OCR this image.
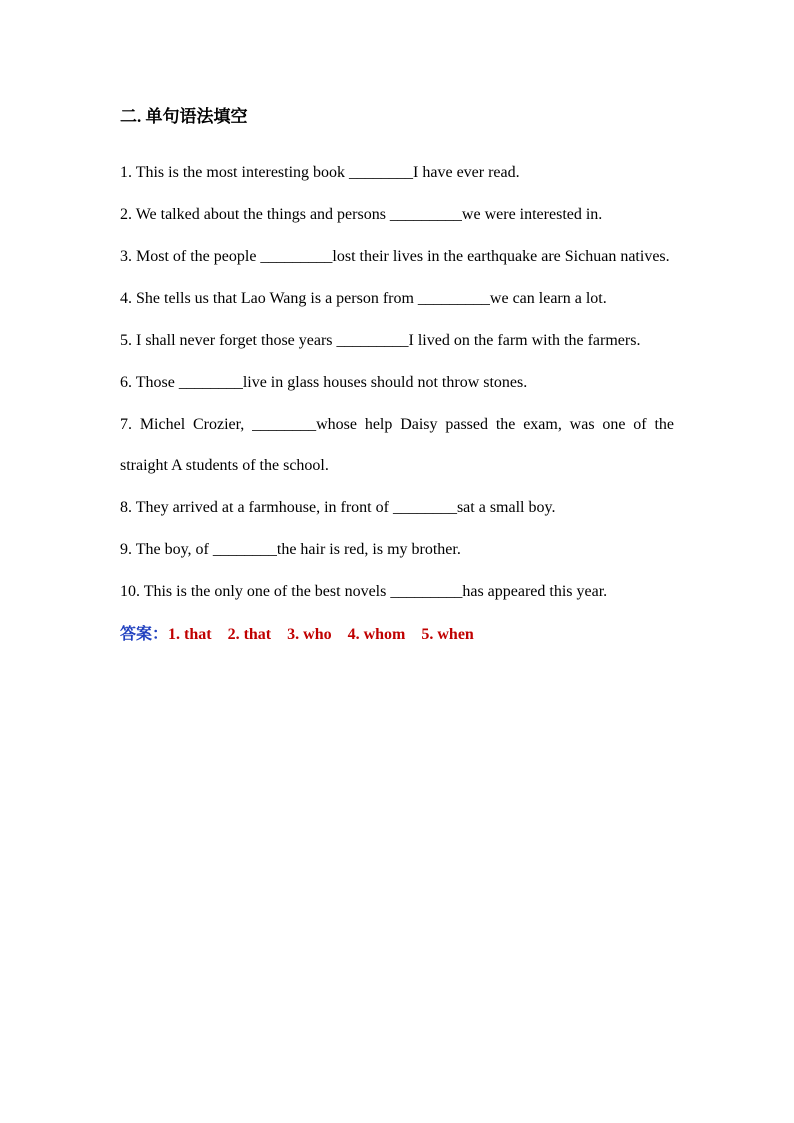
二. 单句语法填空
1. This is the most interesting book ________I have ever read.
2. We talked about the things and persons _________we were interested in.
3. Most of the people _________lost their lives in the earthquake are Sichuan natives.
4. She tells us that Lao Wang is a person from _________we can learn a lot.
5. I shall never forget those years _________I lived on the farm with the farmers.
6. Those ________live in glass houses should not throw stones.
7. Michel Crozier, ________whose help Daisy passed the exam, was one of the straight A students of the school.
8. They arrived at a farmhouse, in front of ________sat a small boy.
9. The boy, of ________the hair is red, is my brother.
10. This is the only one of the best novels _________has appeared this year.
答案：1. that 2. that 3. who 4. whom 5. when
